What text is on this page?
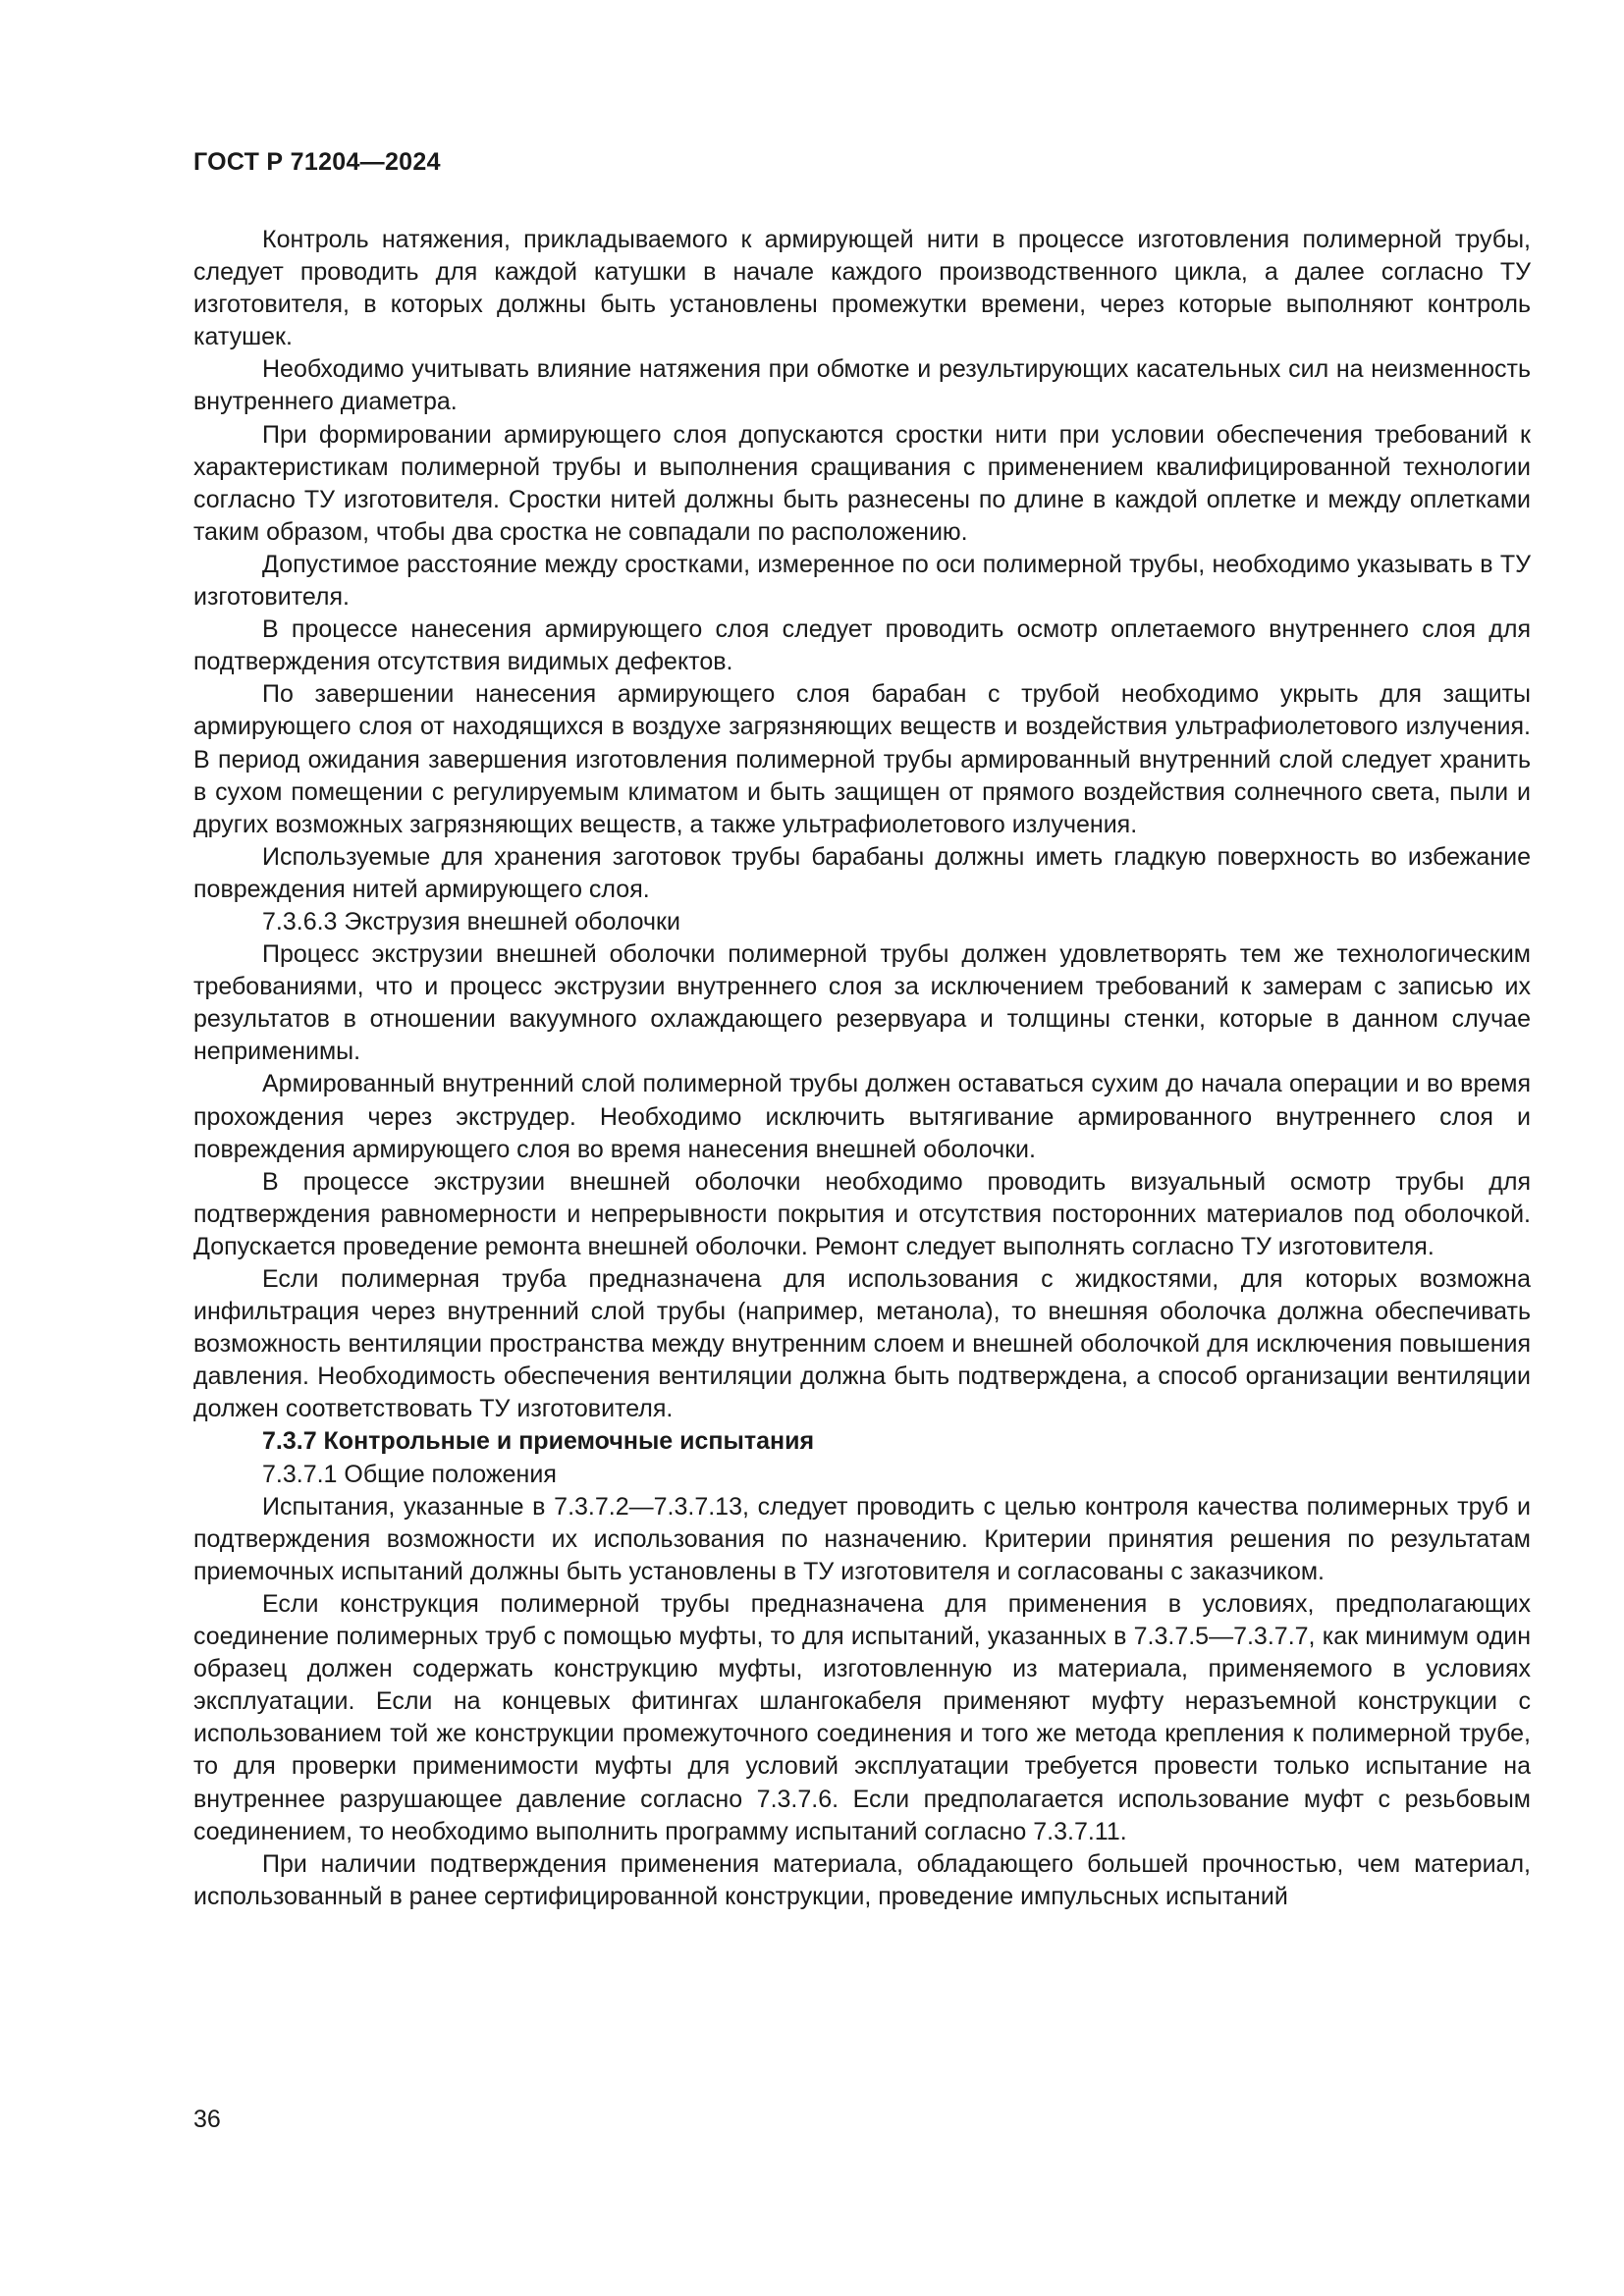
ГОСТ Р 71204—2024

Контроль натяжения, прикладываемого к армирующей нити в процессе изготовления полимерной трубы, следует проводить для каждой катушки в начале каждого производственного цикла, а далее согласно ТУ изготовителя, в которых должны быть установлены промежутки времени, через которые выполняют контроль катушек.

Необходимо учитывать влияние натяжения при обмотке и результирующих касательных сил на неизменность внутреннего диаметра.

При формировании армирующего слоя допускаются сростки нити при условии обеспечения требований к характеристикам полимерной трубы и выполнения сращивания с применением квалифицированной технологии согласно ТУ изготовителя. Сростки нитей должны быть разнесены по длине в каждой оплетке и между оплетками таким образом, чтобы два сростка не совпадали по расположению.

Допустимое расстояние между сростками, измеренное по оси полимерной трубы, необходимо указывать в ТУ изготовителя.

В процессе нанесения армирующего слоя следует проводить осмотр оплетаемого внутреннего слоя для подтверждения отсутствия видимых дефектов.

По завершении нанесения армирующего слоя барабан с трубой необходимо укрыть для защиты армирующего слоя от находящихся в воздухе загрязняющих веществ и воздействия ультрафиолетового излучения. В период ожидания завершения изготовления полимерной трубы армированный внутренний слой следует хранить в сухом помещении с регулируемым климатом и быть защищен от прямого воздействия солнечного света, пыли и других возможных загрязняющих веществ, а также ультрафиолетового излучения.

Используемые для хранения заготовок трубы барабаны должны иметь гладкую поверхность во избежание повреждения нитей армирующего слоя.

7.3.6.3 Экструзия внешней оболочки

Процесс экструзии внешней оболочки полимерной трубы должен удовлетворять тем же технологическим требованиями, что и процесс экструзии внутреннего слоя за исключением требований к замерам с записью их результатов в отношении вакуумного охлаждающего резервуара и толщины стенки, которые в данном случае неприменимы.

Армированный внутренний слой полимерной трубы должен оставаться сухим до начала операции и во время прохождения через экструдер. Необходимо исключить вытягивание армированного внутреннего слоя и повреждения армирующего слоя во время нанесения внешней оболочки.

В процессе экструзии внешней оболочки необходимо проводить визуальный осмотр трубы для подтверждения равномерности и непрерывности покрытия и отсутствия посторонних материалов под оболочкой. Допускается проведение ремонта внешней оболочки. Ремонт следует выполнять согласно ТУ изготовителя.

Если полимерная труба предназначена для использования с жидкостями, для которых возможна инфильтрация через внутренний слой трубы (например, метанола), то внешняя оболочка должна обеспечивать возможность вентиляции пространства между внутренним слоем и внешней оболочкой для исключения повышения давления. Необходимость обеспечения вентиляции должна быть подтверждена, а способ организации вентиляции должен соответствовать ТУ изготовителя.

7.3.7 Контрольные и приемочные испытания

7.3.7.1 Общие положения

Испытания, указанные в 7.3.7.2—7.3.7.13, следует проводить с целью контроля качества полимерных труб и подтверждения возможности их использования по назначению. Критерии принятия решения по результатам приемочных испытаний должны быть установлены в ТУ изготовителя и согласованы с заказчиком.

Если конструкция полимерной трубы предназначена для применения в условиях, предполагающих соединение полимерных труб с помощью муфты, то для испытаний, указанных в 7.3.7.5—7.3.7.7, как минимум один образец должен содержать конструкцию муфты, изготовленную из материала, применяемого в условиях эксплуатации. Если на концевых фитингах шлангокабеля применяют муфту неразъемной конструкции с использованием той же конструкции промежуточного соединения и того же метода крепления к полимерной трубе, то для проверки применимости муфты для условий эксплуатации требуется провести только испытание на внутреннее разрушающее давление согласно 7.3.7.6. Если предполагается использование муфт с резьбовым соединением, то необходимо выполнить программу испытаний согласно 7.3.7.11.

При наличии подтверждения применения материала, обладающего большей прочностью, чем материал, использованный в ранее сертифицированной конструкции, проведение импульсных испытаний

36
